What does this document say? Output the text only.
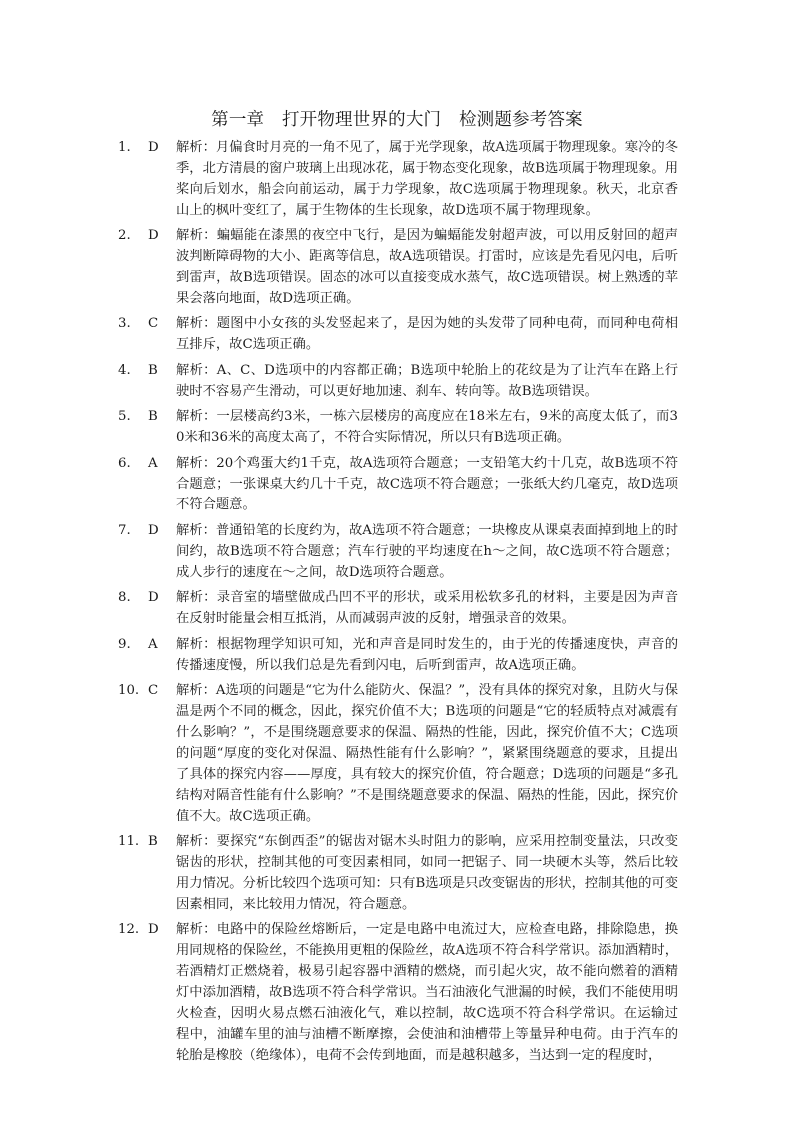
第一章　打开物理世界的大门　检测题参考答案
1.	D	解析：月偏食时月亮的一角不见了，属于光学现象，故A选项属于物理现象。寒冷的冬季，北方清晨的窗户玻璃上出现冰花，属于物态变化现象，故B选项属于物理现象。用桨向后划水，船会向前运动，属于力学现象，故C选项属于物理现象。秋天，北京香山上的枫叶变红了，属于生物体的生长现象，故D选项不属于物理现象。
2.	D	解析：蝙蝠能在漆黑的夜空中飞行，是因为蝙蝠能发射超声波，可以用反射回的超声波判断障碍物的大小、距离等信息，故A选项错误。打雷时，应该是先看见闪电，后听到雷声，故B选项错误。固态的冰可以直接变成水蒸气，故C选项错误。树上熟透的苹果会落向地面，故D选项正确。
3.	C	解析：题图中小女孩的头发竖起来了，是因为她的头发带了同种电荷，而同种电荷相互排斥，故C选项正确。
4.	B	解析：A、C、D选项中的内容都正确；B选项中轮胎上的花纹是为了让汽车在路上行驶时不容易产生滑动，可以更好地加速、刹车、转向等。故B选项错误。
5.	B	解析：一层楼高约3米，一栋六层楼房的高度应在18米左右，9米的高度太低了，而30米和36米的高度太高了，不符合实际情况，所以只有B选项正确。
6.	A	解析：20个鸡蛋大约1千克，故A选项符合题意；一支铅笔大约十几克，故B选项不符合题意；一张课桌大约几十千克，故C选项不符合题意；一张纸大约几毫克，故D选项不符合题意。
7.	D	解析：普通铅笔的长度约为，故A选项不符合题意；一块橡皮从课桌表面掉到地上的时间约，故B选项不符合题意；汽车行驶的平均速度在h～之间，故C选项不符合题意；成人步行的速度在～之间，故D选项符合题意。
8.	D	解析：录音室的墙壁做成凸凹不平的形状，或采用松软多孔的材料，主要是因为声音在反射时能量会相互抵消，从而减弱声波的反射，增强录音的效果。
9.	A	解析：根据物理学知识可知，光和声音是同时发生的，由于光的传播速度快，声音的传播速度慢，所以我们总是先看到闪电，后听到雷声，故A选项正确。
10. C	解析：A选项的问题是“它为什么能防火、保温？”，没有具体的探究对象，且防火与保温是两个不同的概念，因此，探究价值不大；B选项的问题是“它的轻质特点对减震有什么影响？”，不是围绕题意要求的保温、隔热的性能，因此，探究价值不大；C选项的问题“厚度的变化对保温、隔热性能有什么影响？”，紧紧围绕题意的要求，且提出了具体的探究内容——厚度，具有较大的探究价值，符合题意；D选项的问题是“多孔结构对隔音性能有什么影响？”不是围绕题意要求的保温、隔热的性能，因此，探究价值不大。故C选项正确。
11. B	解析：要探究“东倒西歪”的锯齿对锯木头时阻力的影响，应采用控制变量法，只改变锯齿的形状，控制其他的可变因素相同，如同一把锯子、同一块硬木头等，然后比较用力情况。分析比较四个选项可知：只有B选项是只改变锯齿的形状，控制其他的可变因素相同，来比较用力情况，符合题意。
12. D	解析：电路中的保险丝熔断后，一定是电路中电流过大，应检查电路，排除隐患，换用同规格的保险丝，不能换用更粗的保险丝，故A选项不符合科学常识。添加酒精时，若酒精灯正燃烧着，极易引起容器中酒精的燃烧，而引起火灾，故不能向燃着的酒精灯中添加酒精，故B选项不符合科学常识。当石油液化气泄漏的时候，我们不能使用明火检查，因明火易点燃石油液化气，难以控制，故C选项不符合科学常识。在运输过程中，油罐车里的油与油槽不断摩擦，会使油和油槽带上等量异种电荷。由于汽车的轮胎是橡胶（绝缘体），电荷不会传到地面，而是越积越多，当达到一定的程度时，
